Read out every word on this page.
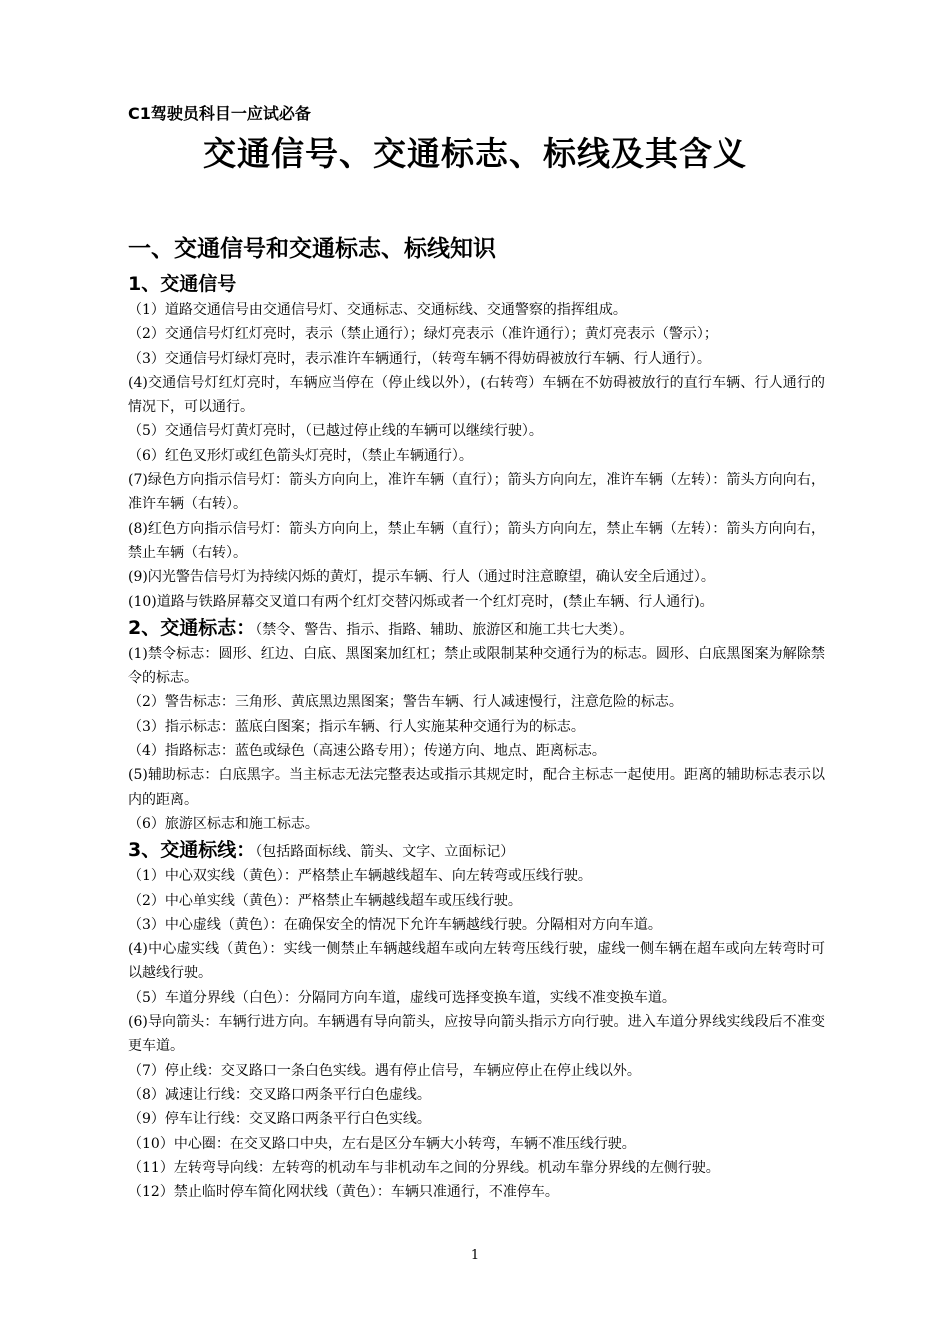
C1驾驶员科目一应试必备
交通信号、交通标志、标线及其含义
一、交通信号和交通标志、标线知识
1、交通信号
（1）道路交通信号由交通信号灯、交通标志、交通标线、交通警察的指挥组成。
（2）交通信号灯红灯亮时，表示（禁止通行）；绿灯亮表示（准许通行）；黄灯亮表示（警示）；
（3）交通信号灯绿灯亮时，表示准许车辆通行，（转弯车辆不得妨碍被放行车辆、行人通行）。
(4)交通信号灯红灯亮时，车辆应当停在（停止线以外），(右转弯）车辆在不妨碍被放行的直行车辆、行人通行的情况下，可以通行。
（5）交通信号灯黄灯亮时，（已越过停止线的车辆可以继续行驶）。
（6）红色叉形灯或红色箭头灯亮时，（禁止车辆通行）。
(7)绿色方向指示信号灯：箭头方向向上，准许车辆（直行）；箭头方向向左，准许车辆（左转）：箭头方向向右，准许车辆（右转）。
(8)红色方向指示信号灯：箭头方向向上，禁止车辆（直行）；箭头方向向左，禁止车辆（左转）：箭头方向向右，禁止车辆（右转）。
(9)闪光警告信号灯为持续闪烁的黄灯，提示车辆、行人（通过时注意瞭望，确认安全后通过）。
(10)道路与铁路屏幕交叉道口有两个红灯交替闪烁或者一个红灯亮时，(禁止车辆、行人通行)。
2、交通标志：（禁令、警告、指示、指路、辅助、旅游区和施工共七大类）。
(1)禁令标志：圆形、红边、白底、黑图案加红杠；禁止或限制某种交通行为的标志。圆形、白底黑图案为解除禁令的标志。
（2）警告标志：三角形、黄底黑边黑图案；警告车辆、行人减速慢行，注意危险的标志。
（3）指示标志：蓝底白图案；指示车辆、行人实施某种交通行为的标志。
（4）指路标志：蓝色或绿色（高速公路专用）；传递方向、地点、距离标志。
(5)辅助标志：白底黑字。当主标志无法完整表达或指示其规定时，配合主标志一起使用。距离的辅助标志表示以内的距离。
（6）旅游区标志和施工标志。
3、交通标线：（包括路面标线、箭头、文字、立面标记）
（1）中心双实线（黄色）：严格禁止车辆越线超车、向左转弯或压线行驶。
（2）中心单实线（黄色）：严格禁止车辆越线超车或压线行驶。
（3）中心虚线（黄色）：在确保安全的情况下允许车辆越线行驶。分隔相对方向车道。
(4)中心虚实线（黄色）：实线一侧禁止车辆越线超车或向左转弯压线行驶，虚线一侧车辆在超车或向左转弯时可以越线行驶。
（5）车道分界线（白色）：分隔同方向车道，虚线可选择变换车道，实线不准变换车道。
(6)导向箭头：车辆行进方向。车辆遇有导向箭头，应按导向箭头指示方向行驶。进入车道分界线实线段后不准变更车道。
（7）停止线：交叉路口一条白色实线。遇有停止信号，车辆应停止在停止线以外。
（8）减速让行线：交叉路口两条平行白色虚线。
（9）停车让行线：交叉路口两条平行白色实线。
（10）中心圈：在交叉路口中央，左右是区分车辆大小转弯，车辆不准压线行驶。
（11）左转弯导向线：左转弯的机动车与非机动车之间的分界线。机动车靠分界线的左侧行驶。
（12）禁止临时停车简化网状线（黄色）：车辆只准通行，不准停车。
1
